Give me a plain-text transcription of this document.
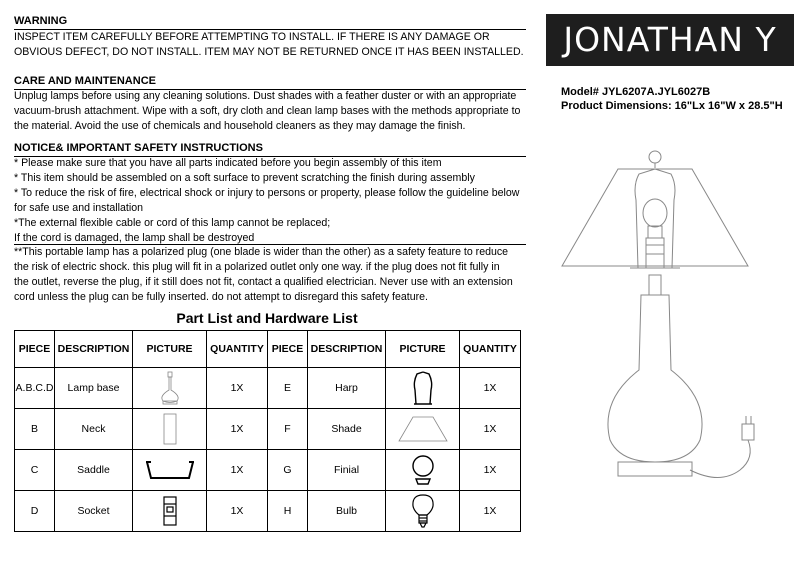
WARNING
INSPECT ITEM CAREFULLY BEFORE ATTEMPTING TO INSTALL. IF THERE IS ANY DAMAGE OR
OBVIOUS DEFECT, DO NOT INSTALL. ITEM MAY NOT BE RETURNED ONCE IT HAS BEEN INSTALLED.
CARE AND MAINTENANCE
Unplug lamps before using any cleaning solutions. Dust shades with a feather duster or with an appropriate
vacuum-brush attachment. Wipe with a soft, dry cloth and clean lamp bases with the methods appropriate to
the material. Avoid the use of chemicals and household cleaners as they may damage the finish.
NOTICE& IMPORTANT SAFETY INSTRUCTIONS
* Please make sure that you have all parts indicated before you begin assembly of this item
* This item should be assembled on a soft surface to prevent scratching the finish during assembly
* To reduce the risk of fire, electrical shock or injury to persons or property, please follow the guideline below
for safe use and installation
*The external flexible cable or cord of this lamp cannot be replaced;
If the cord is damaged, the lamp shall be destroyed
**This portable lamp has a polarized plug (one blade is wider than the other) as a safety feature to reduce
the risk of electric shock. this plug will fit in a polarized outlet only one way. if the plug does not fit fully in
the outlet, reverse the plug, if it still does not fit, contact a qualified electrician. Never use with an extension
cord unless the plug can be fully inserted. do not attempt to disregard this safety feature.
JONATHAN Y
Model# JYL6207A.JYL6027B
Product Dimensions: 16"Lx 16"W x 28.5"H
Part List and Hardware List
PIECE	DESCRIPTION	PICTURE	QUANTITY	PIECE	DESCRIPTION	PICTURE	QUANTITY
A.B.C.D	Lamp base		1X	E	Harp		1X
B	Neck		1X	F	Shade		1X
C	Saddle		1X	G	Finial		1X
D	Socket		1X	H	Bulb		1X
